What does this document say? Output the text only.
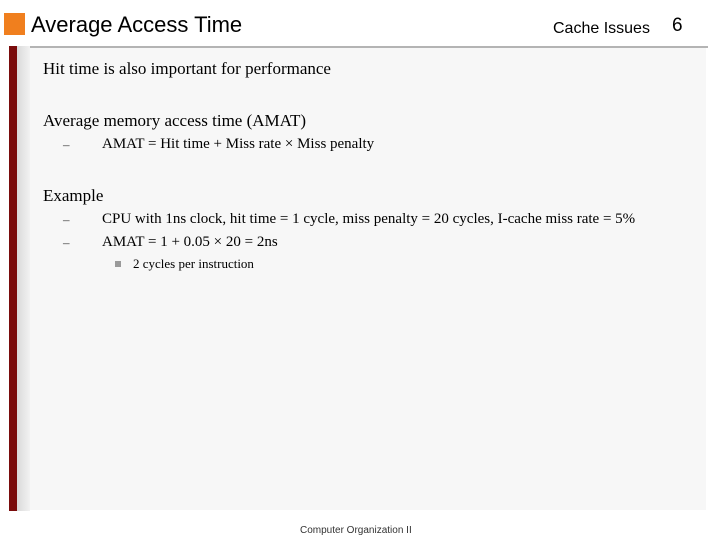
Average Access Time	Cache Issues 6
Hit time is also important for performance
Average memory access time (AMAT)
– AMAT = Hit time + Miss rate × Miss penalty
Example
– CPU with 1ns clock, hit time = 1 cycle, miss penalty = 20 cycles, I-cache miss rate = 5%
– AMAT = 1 + 0.05 × 20 = 2ns
2 cycles per instruction
Computer Organization II
